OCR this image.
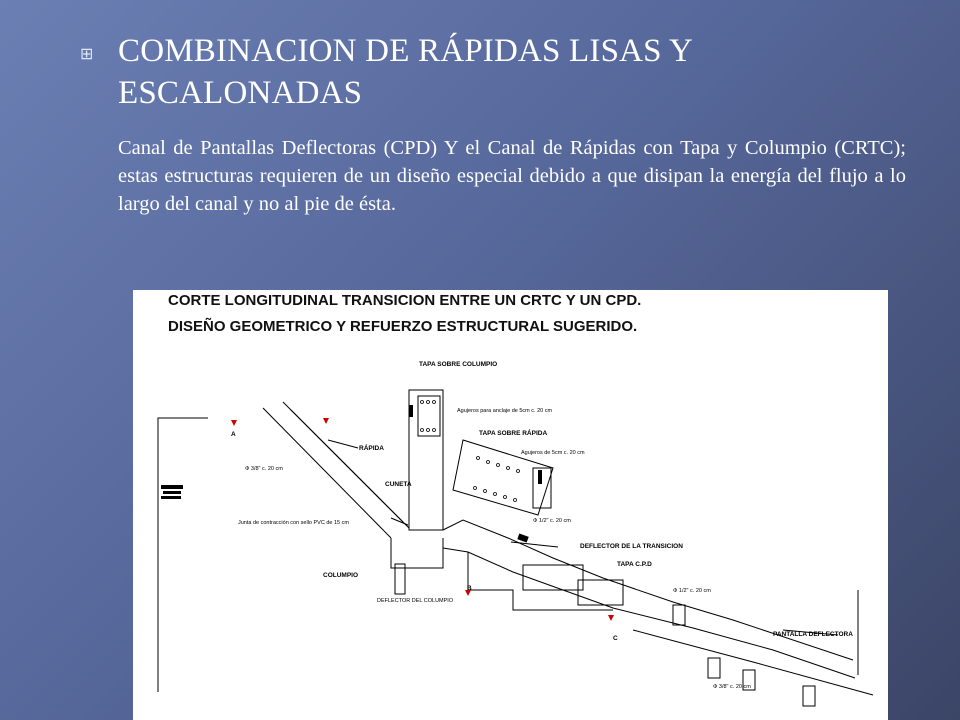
⊞ COMBINACION DE RÁPIDAS LISAS Y ESCALONADAS

Canal de Pantallas Deflectoras (CPD) Y el Canal de Rápidas con Tapa y Columpio (CRTC); estas estructuras requieren de un diseño especial debido a que disipan la energía del flujo a lo largo del canal y no al pie de ésta.

CORTE LONGITUDINAL TRANSICION ENTRE UN CRTC Y UN CPD.
DISEÑO GEOMETRICO Y REFUERZO ESTRUCTURAL SUGERIDO.
TAPA SOBRE COLUMPIO
Agujeros para anclaje de 5cm c. 20 cm
TAPA SOBRE RÁPIDA
Agujeros de 5cm c. 20 cm
RÁPIDA
CUNETA
Junta de contracción con sello PVC de 15 cm
COLUMPIO
DEFLECTOR DEL COLUMPIO
DEFLECTOR DE LA TRANSICION
TAPA C.P.D
PANTALLA DEFLECTORA
Φ 3/8" c. 20 cm
Φ 1/2" c. 20 cm
Φ 1/2" c. 20 cm
Φ 3/8" c. 20 cm
A
B
C
